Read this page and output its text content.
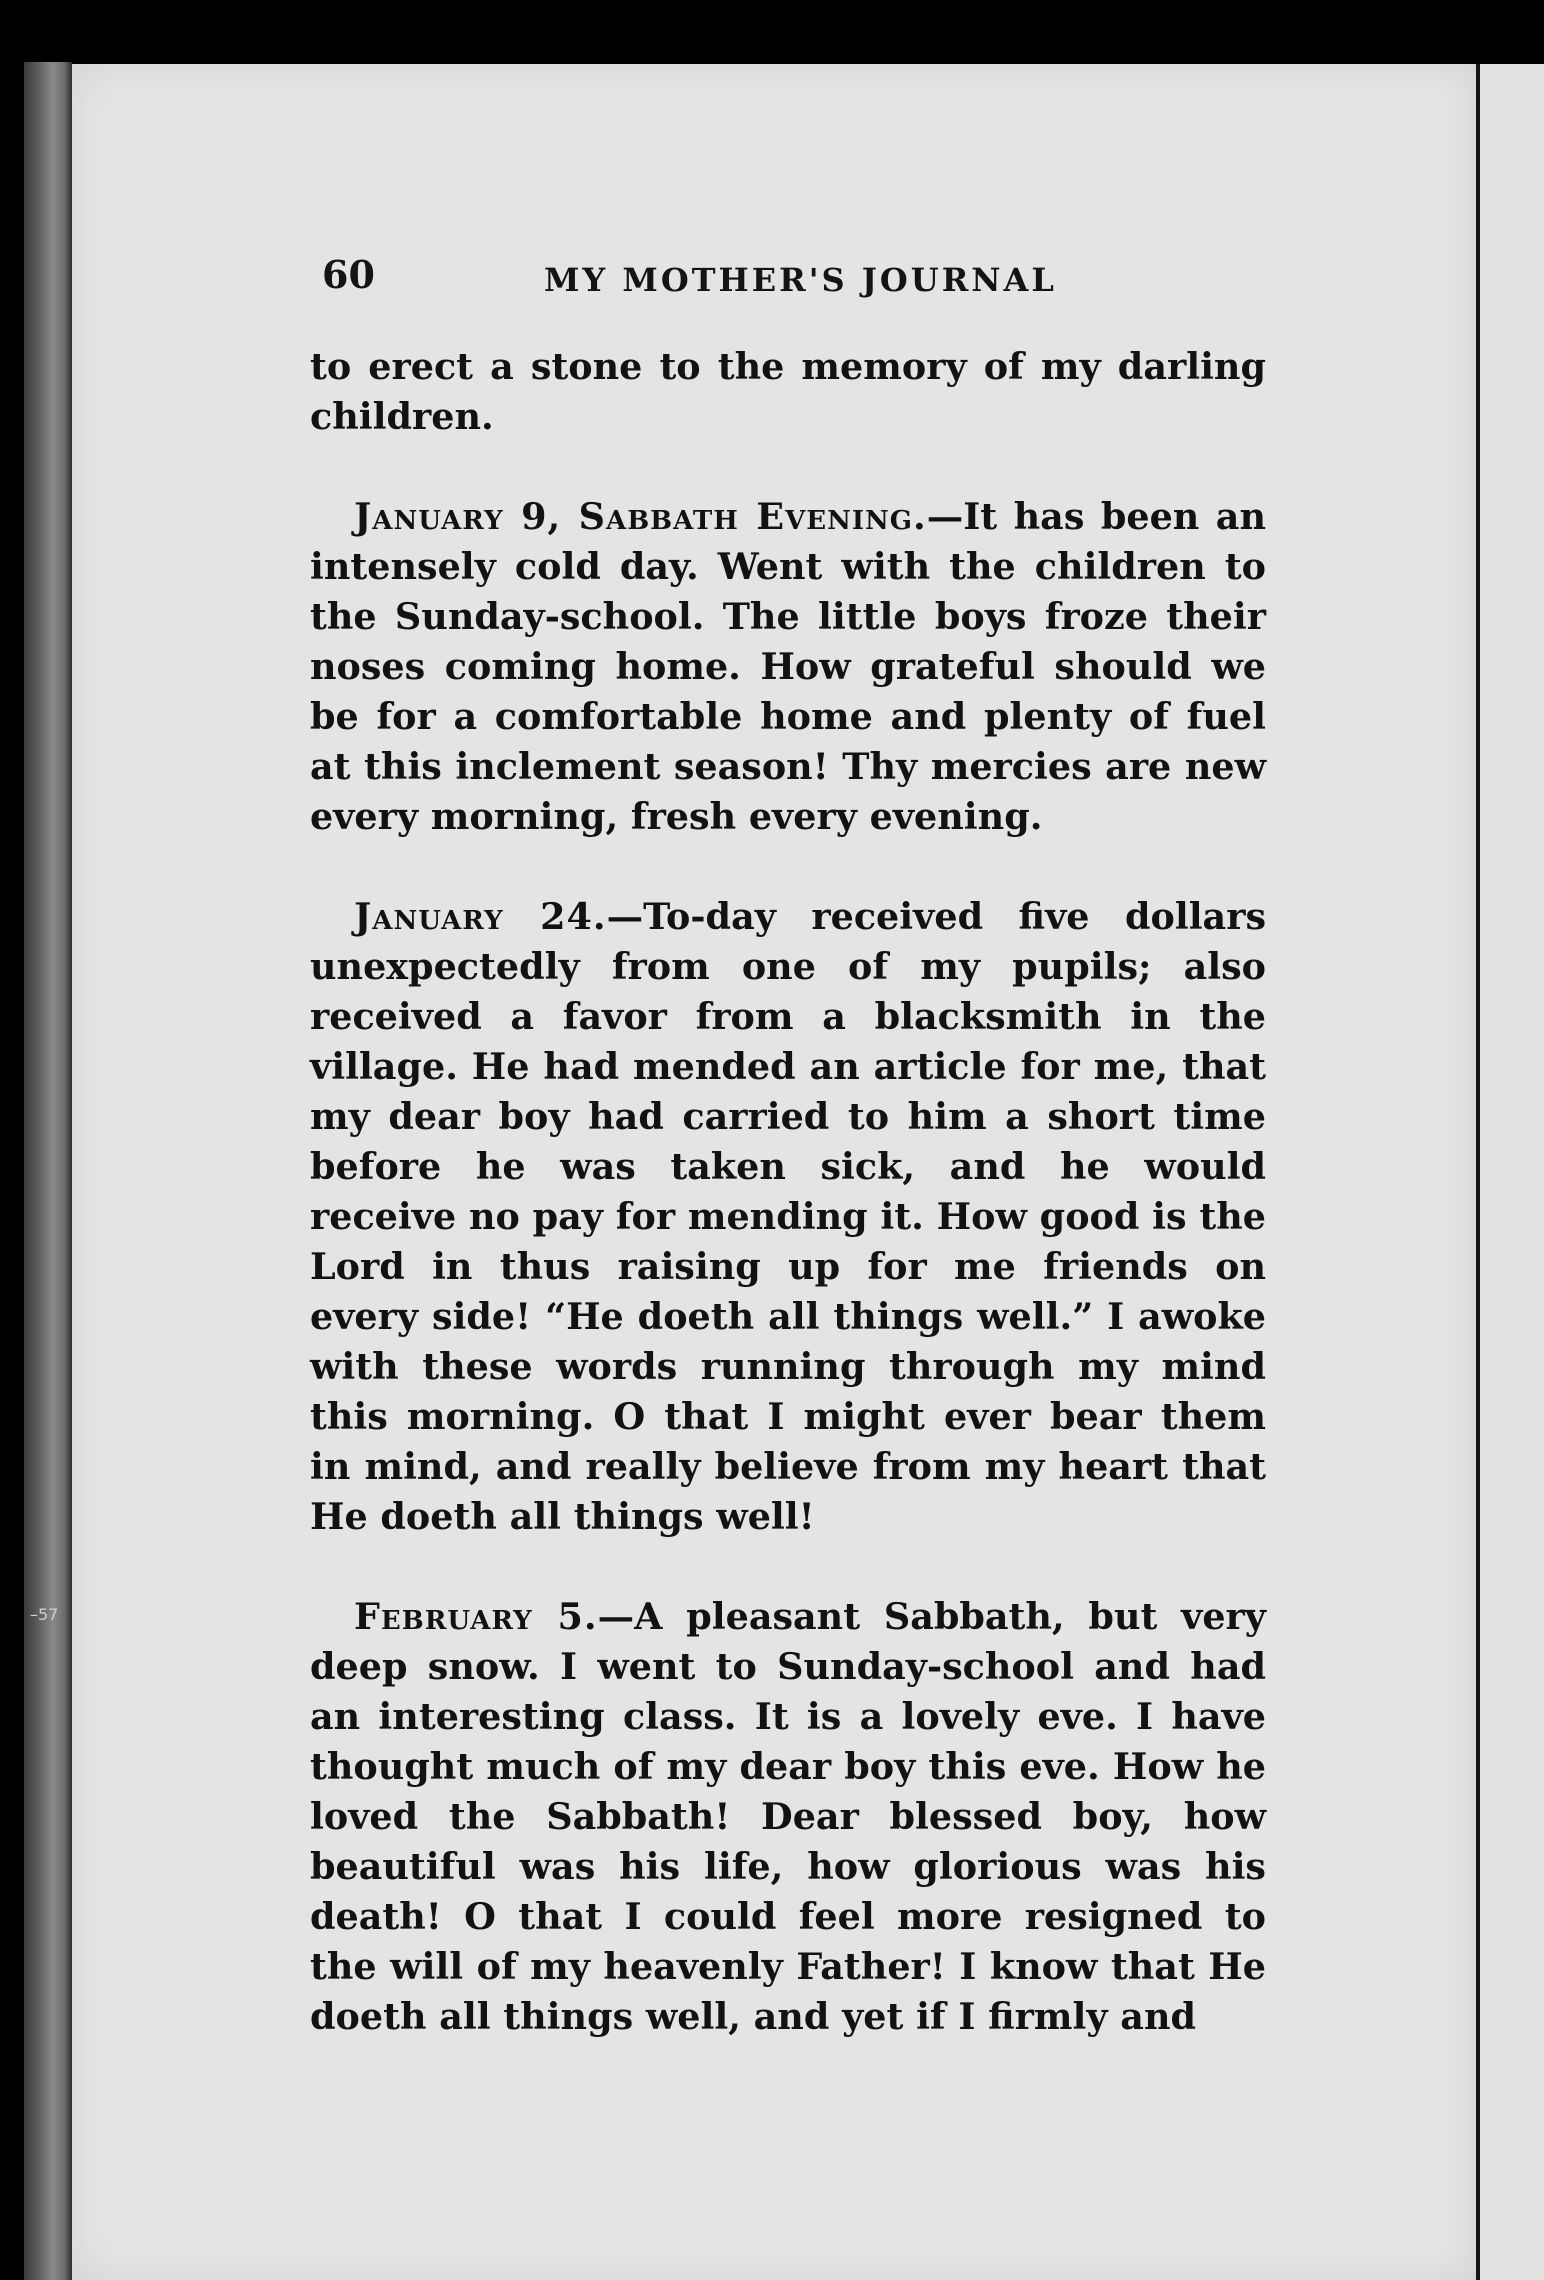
–57
60	MY MOTHER'S JOURNAL

to erect a stone to the memory of my darling children.

January 9, Sabbath Evening.—It has been an intensely cold day. Went with the children to the Sunday-school. The little boys froze their noses coming home. How grateful should we be for a comfortable home and plenty of fuel at this inclement season! Thy mercies are new every morning, fresh every evening.

January 24.—To-day received five dollars unexpectedly from one of my pupils; also received a favor from a blacksmith in the village. He had mended an article for me, that my dear boy had carried to him a short time before he was taken sick, and he would receive no pay for mending it. How good is the Lord in thus raising up for me friends on every side! “He doeth all things well.” I awoke with these words running through my mind this morning. O that I might ever bear them in mind, and really believe from my heart that He doeth all things well!

February 5.—A pleasant Sabbath, but very deep snow. I went to Sunday-school and had an interesting class. It is a lovely eve. I have thought much of my dear boy this eve. How he loved the Sabbath! Dear blessed boy, how beautiful was his life, how glorious was his death! O that I could feel more resigned to the will of my heavenly Father! I know that He doeth all things well, and yet if I firmly and
